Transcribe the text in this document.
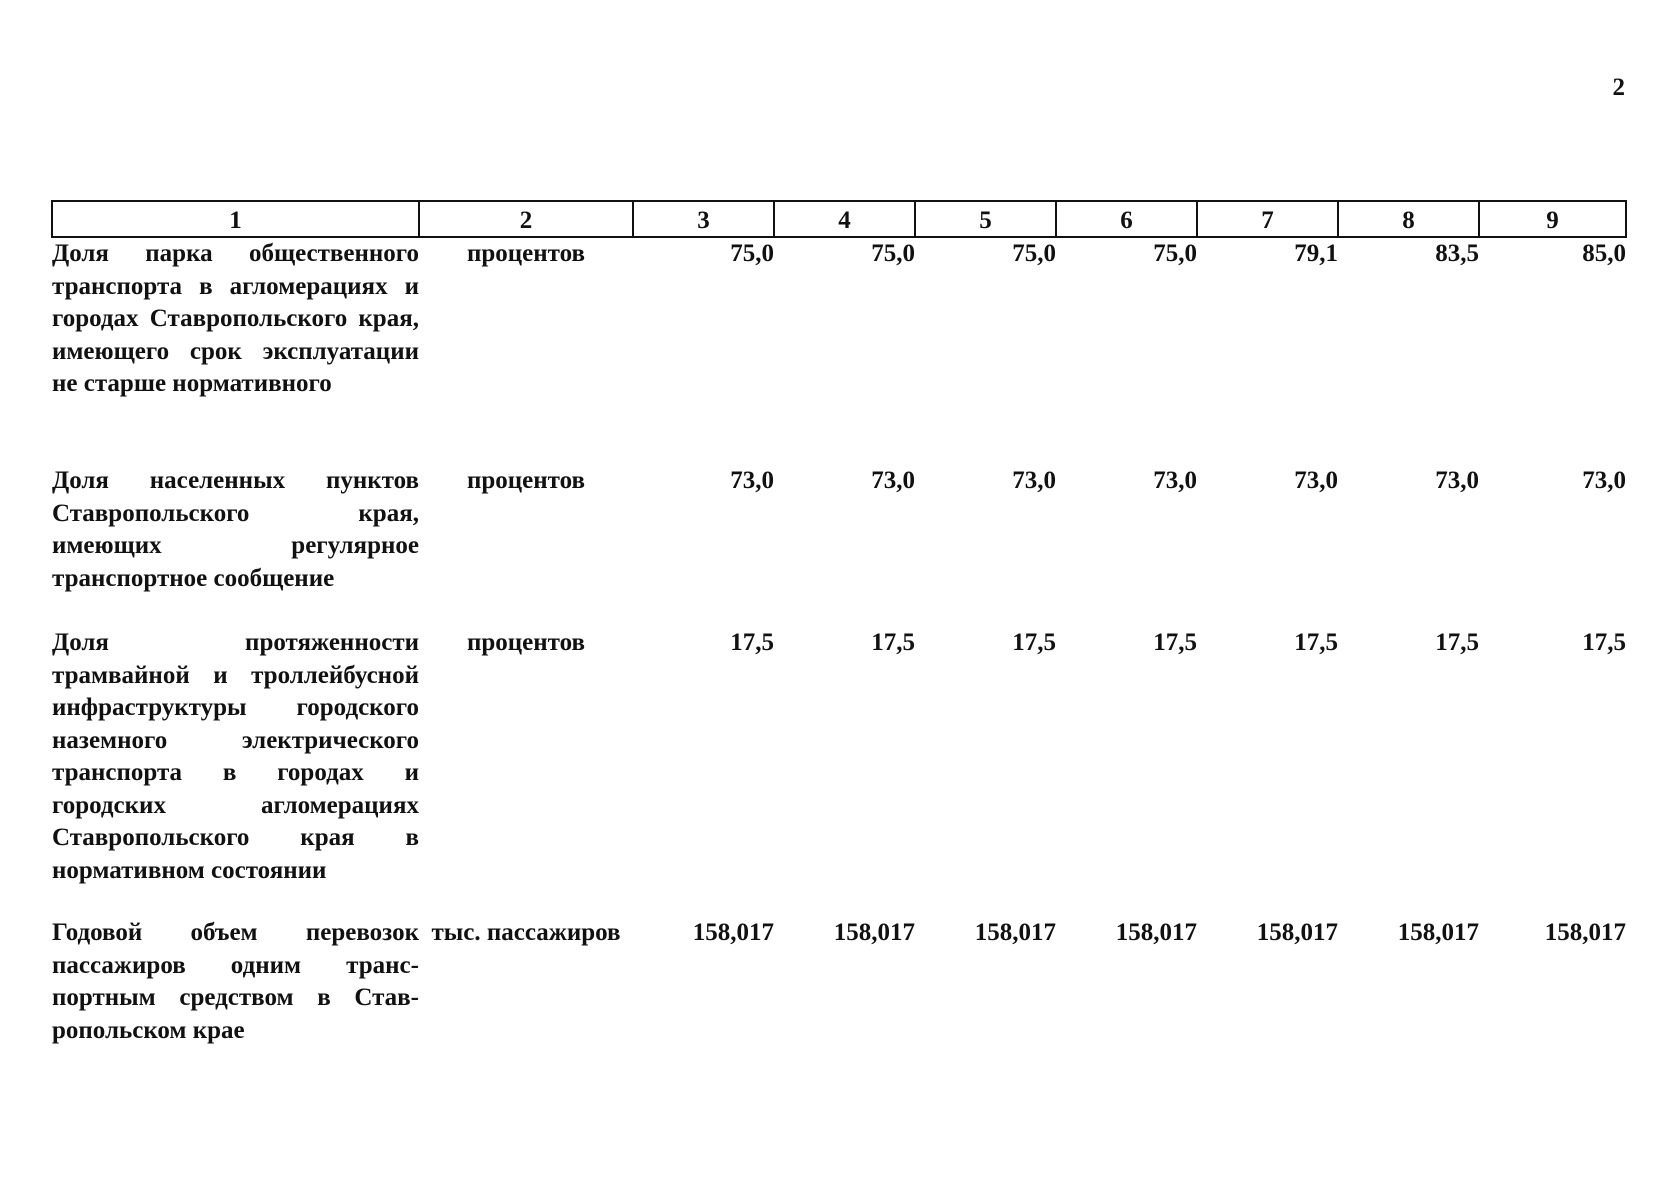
2
1	2	3	4	5	6	7	8	9
Доля парка общественного транспорта в агломерациях и городах Ставропольского края, имеющего срок эксплуатации не старше нормативного	процентов	75,0	75,0	75,0	75,0	79,1	83,5	85,0
Доля населенных пунктов Ставропольского края, имеющих регулярное транспортное сообщение	процентов	73,0	73,0	73,0	73,0	73,0	73,0	73,0
Доля протяженности трамвайной и троллейбусной инфраструктуры городского наземного электрического транспорта в городах и городских агломерациях Ставропольского края в нормативном состоянии	процентов	17,5	17,5	17,5	17,5	17,5	17,5	17,5
Годовой объем перевозок пассажиров одним транспортным средством в Ставропольском крае	тыс. пассажиров	158,017	158,017	158,017	158,017	158,017	158,017	158,017
